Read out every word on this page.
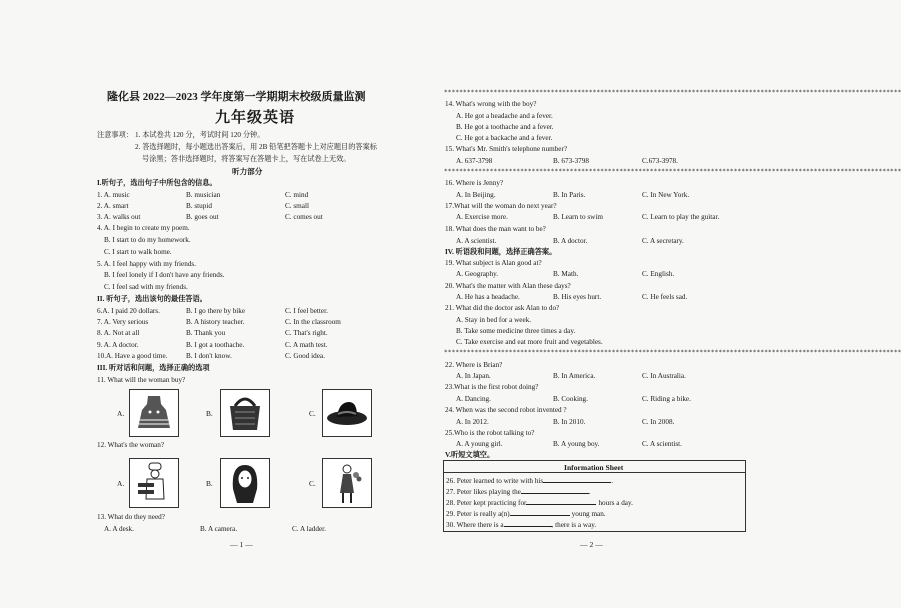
隆化县 2022—2023 学年度第一学期期末校级质量监测
九年级英语
注意事项： 1. 本试卷共 120 分，考试时间 120 分钟。
2. 答选择题时，每小题选出答案后，用 2B 铅笔把答题卡上对应题目的答案标
号涂黑；答非选择题时，将答案写在答题卡上，写在试卷上无效。
听力部分
I.听句子，选出句子中所包含的信息。
1. A. music	B. musician	C. mind
2. A. smart	B. stupid	C. small
3. A. walks out	B. goes out	C. comes out
4. A. I begin to create my poem.
B. I start to do my homework.
C. I start to walk home.
5. A. I feel happy with my friends.
B. I feel lonely if I don't have any friends.
C. I feel sad with my friends.
II. 听句子，选出该句的最佳答语。
6.A. I paid 20 dollars.	B. I go there by bike	C. I feel better.
7. A. Very serious	B. A history teacher.	C. In the classroom
8. A. Not at all	B. Thank you	C. That's right.
9. A. A doctor.	B. I got a toothache.	C. A math test.
10.A. Have a good time.	B. I don't know.	C. Good idea.
III. 听对话和问题，选择正确的选项
11. What will the woman buy?
A.	B.	C.
12. What's the woman?
A.	B.	C.
13. What do they need?
A. A desk.	B. A camera.	C. A ladder.
— 1 —
************************************************************************************************************************
14. What's wrong with the boy?
A. He got a headache and a fever.
B. He got a toothache and a fever.
C. He got a backache and a fever.
15. What's Mr. Smith's telephone number?
A. 637-3798	B. 673-3798	C.673-3978.
************************************************************************************************************************
16. Where is Jenny?
A. In Beijing.	B. In Paris.	C. In New York.
17.What will the woman do next year?
A. Exercise more.	B. Learn to swim	C. Learn to play the guitar.
18. What does the man want to be?
A. A scientist.	B. A doctor.	C. A secretary.
IV. 听语段和问题，选择正确答案。
19. What subject is Alan good at?
A. Geography.	B. Math.	C. English.
20. What's the matter with Alan these days?
A. He has a headache.	B. His eyes hurt.	C. He feels sad.
21. What did the doctor ask Alan to do?
A. Stay in bed for a week.
B. Take some medicine three times a day.
C. Take exercise and eat more fruit and vegetables.
************************************************************************************************************************
22. Where is Brian?
A. In Japan.	B. In America.	C. In Australia.
23.What is the first robot doing?
A. Dancing.	B. Cooking.	C. Riding a bike.
24. When was the second robot invented ?
A. In 2012.	B. In 2010.	C. In 2008.
25.Who is the robot talking to?
A. A young girl.	B. A young boy.	C. A scientist.
V.听短文填空。
Information Sheet
26. Peter learned to write with his	.
27. Peter likes playing the	.
28. Peter kept practicing for	hours a day.
29. Peter is really a(n)	young man.
30. Where there is a	, there is a way.
— 2 —
